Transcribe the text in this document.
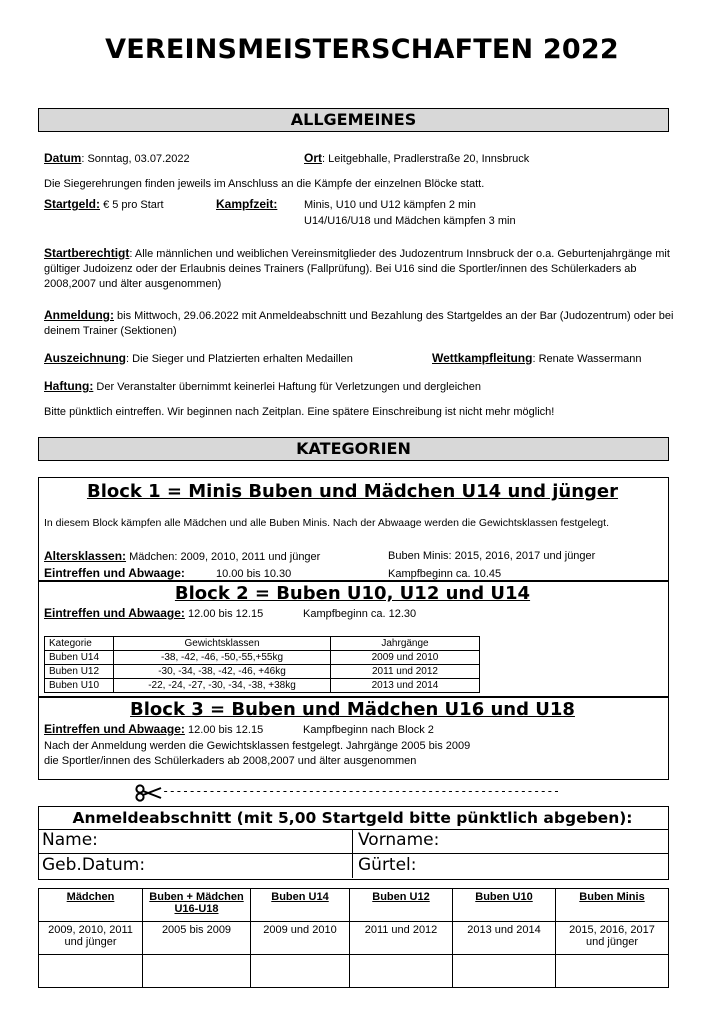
VEREINSMEISTERSCHAFTEN 2022
ALLGEMEINES
Datum: Sonntag, 03.07.2022	Ort: Leitgebhalle, Pradlerstraße 20, Innsbruck
Die Siegerehrungen finden jeweils im Anschluss an die Kämpfe der einzelnen Blöcke statt.
Startgeld: € 5 pro Start	Kampfzeit: Minis, U10 und U12 kämpfen 2 min
U14/U16/U18 und Mädchen kämpfen 3 min
Startberechtigt: Alle männlichen und weiblichen Vereinsmitglieder des Judozentrum Innsbruck der o.a. Geburtenjahrgänge mit
gültiger Judoizenz oder der Erlaubnis deines Trainers (Fallprüfung). Bei U16 sind die Sportler/innen des Schülerkaders ab
2008,2007 und älter ausgenommen)
Anmeldung: bis Mittwoch, 29.06.2022 mit Anmeldeabschnitt und Bezahlung des Startgeldes an der Bar (Judozentrum) oder bei
deinem Trainer (Sektionen)
Auszeichnung: Die Sieger und Platzierten erhalten Medaillen	Wettkampfleitung: Renate Wassermann
Haftung: Der Veranstalter übernimmt keinerlei Haftung für Verletzungen und dergleichen
Bitte pünktlich eintreffen. Wir beginnen nach Zeitplan. Eine spätere Einschreibung ist nicht mehr möglich!
KATEGORIEN
Block 1 = Minis Buben und Mädchen U14 und jünger
In diesem Block kämpfen alle Mädchen und alle Buben Minis. Nach der Abwaage werden die Gewichtsklassen festgelegt.
Altersklassen: Mädchen: 2009, 2010, 2011 und jünger	Buben Minis: 2015, 2016, 2017 und jünger
Eintreffen und Abwaage:	10.00 bis 10.30	Kampfbeginn ca. 10.45
Block 2 = Buben U10, U12 und U14
Eintreffen und Abwaage: 12.00 bis 12.15	Kampfbeginn ca. 12.30
Kategorie	Gewichtsklassen	Jahrgänge
Buben U14	-38, -42, -46, -50,-55,+55kg	2009 und 2010
Buben U12	-30, -34, -38, -42, -46, +46kg	2011 und 2012
Buben U10	-22, -24, -27, -30, -34, -38, +38kg	2013 und 2014
Block 3 = Buben und Mädchen U16 und U18
Eintreffen und Abwaage: 12.00 bis 12.15	Kampfbeginn nach Block 2
Nach der Anmeldung werden die Gewichtsklassen festgelegt. Jahrgänge 2005 bis 2009
die Sportler/innen des Schülerkaders ab 2008,2007 und älter ausgenommen
------------------------------------------------------------
Anmeldeabschnitt (mit 5,00 Startgeld bitte pünktlich abgeben):
Name:	Vorname:
Geb.Datum:	Gürtel:
Mädchen	Buben + Mädchen U16-U18	Buben U14	Buben U12	Buben U10	Buben Minis
2009, 2010, 2011 und jünger	2005 bis 2009	2009 und 2010	2011 und 2012	2013 und 2014	2015, 2016, 2017 und jünger
